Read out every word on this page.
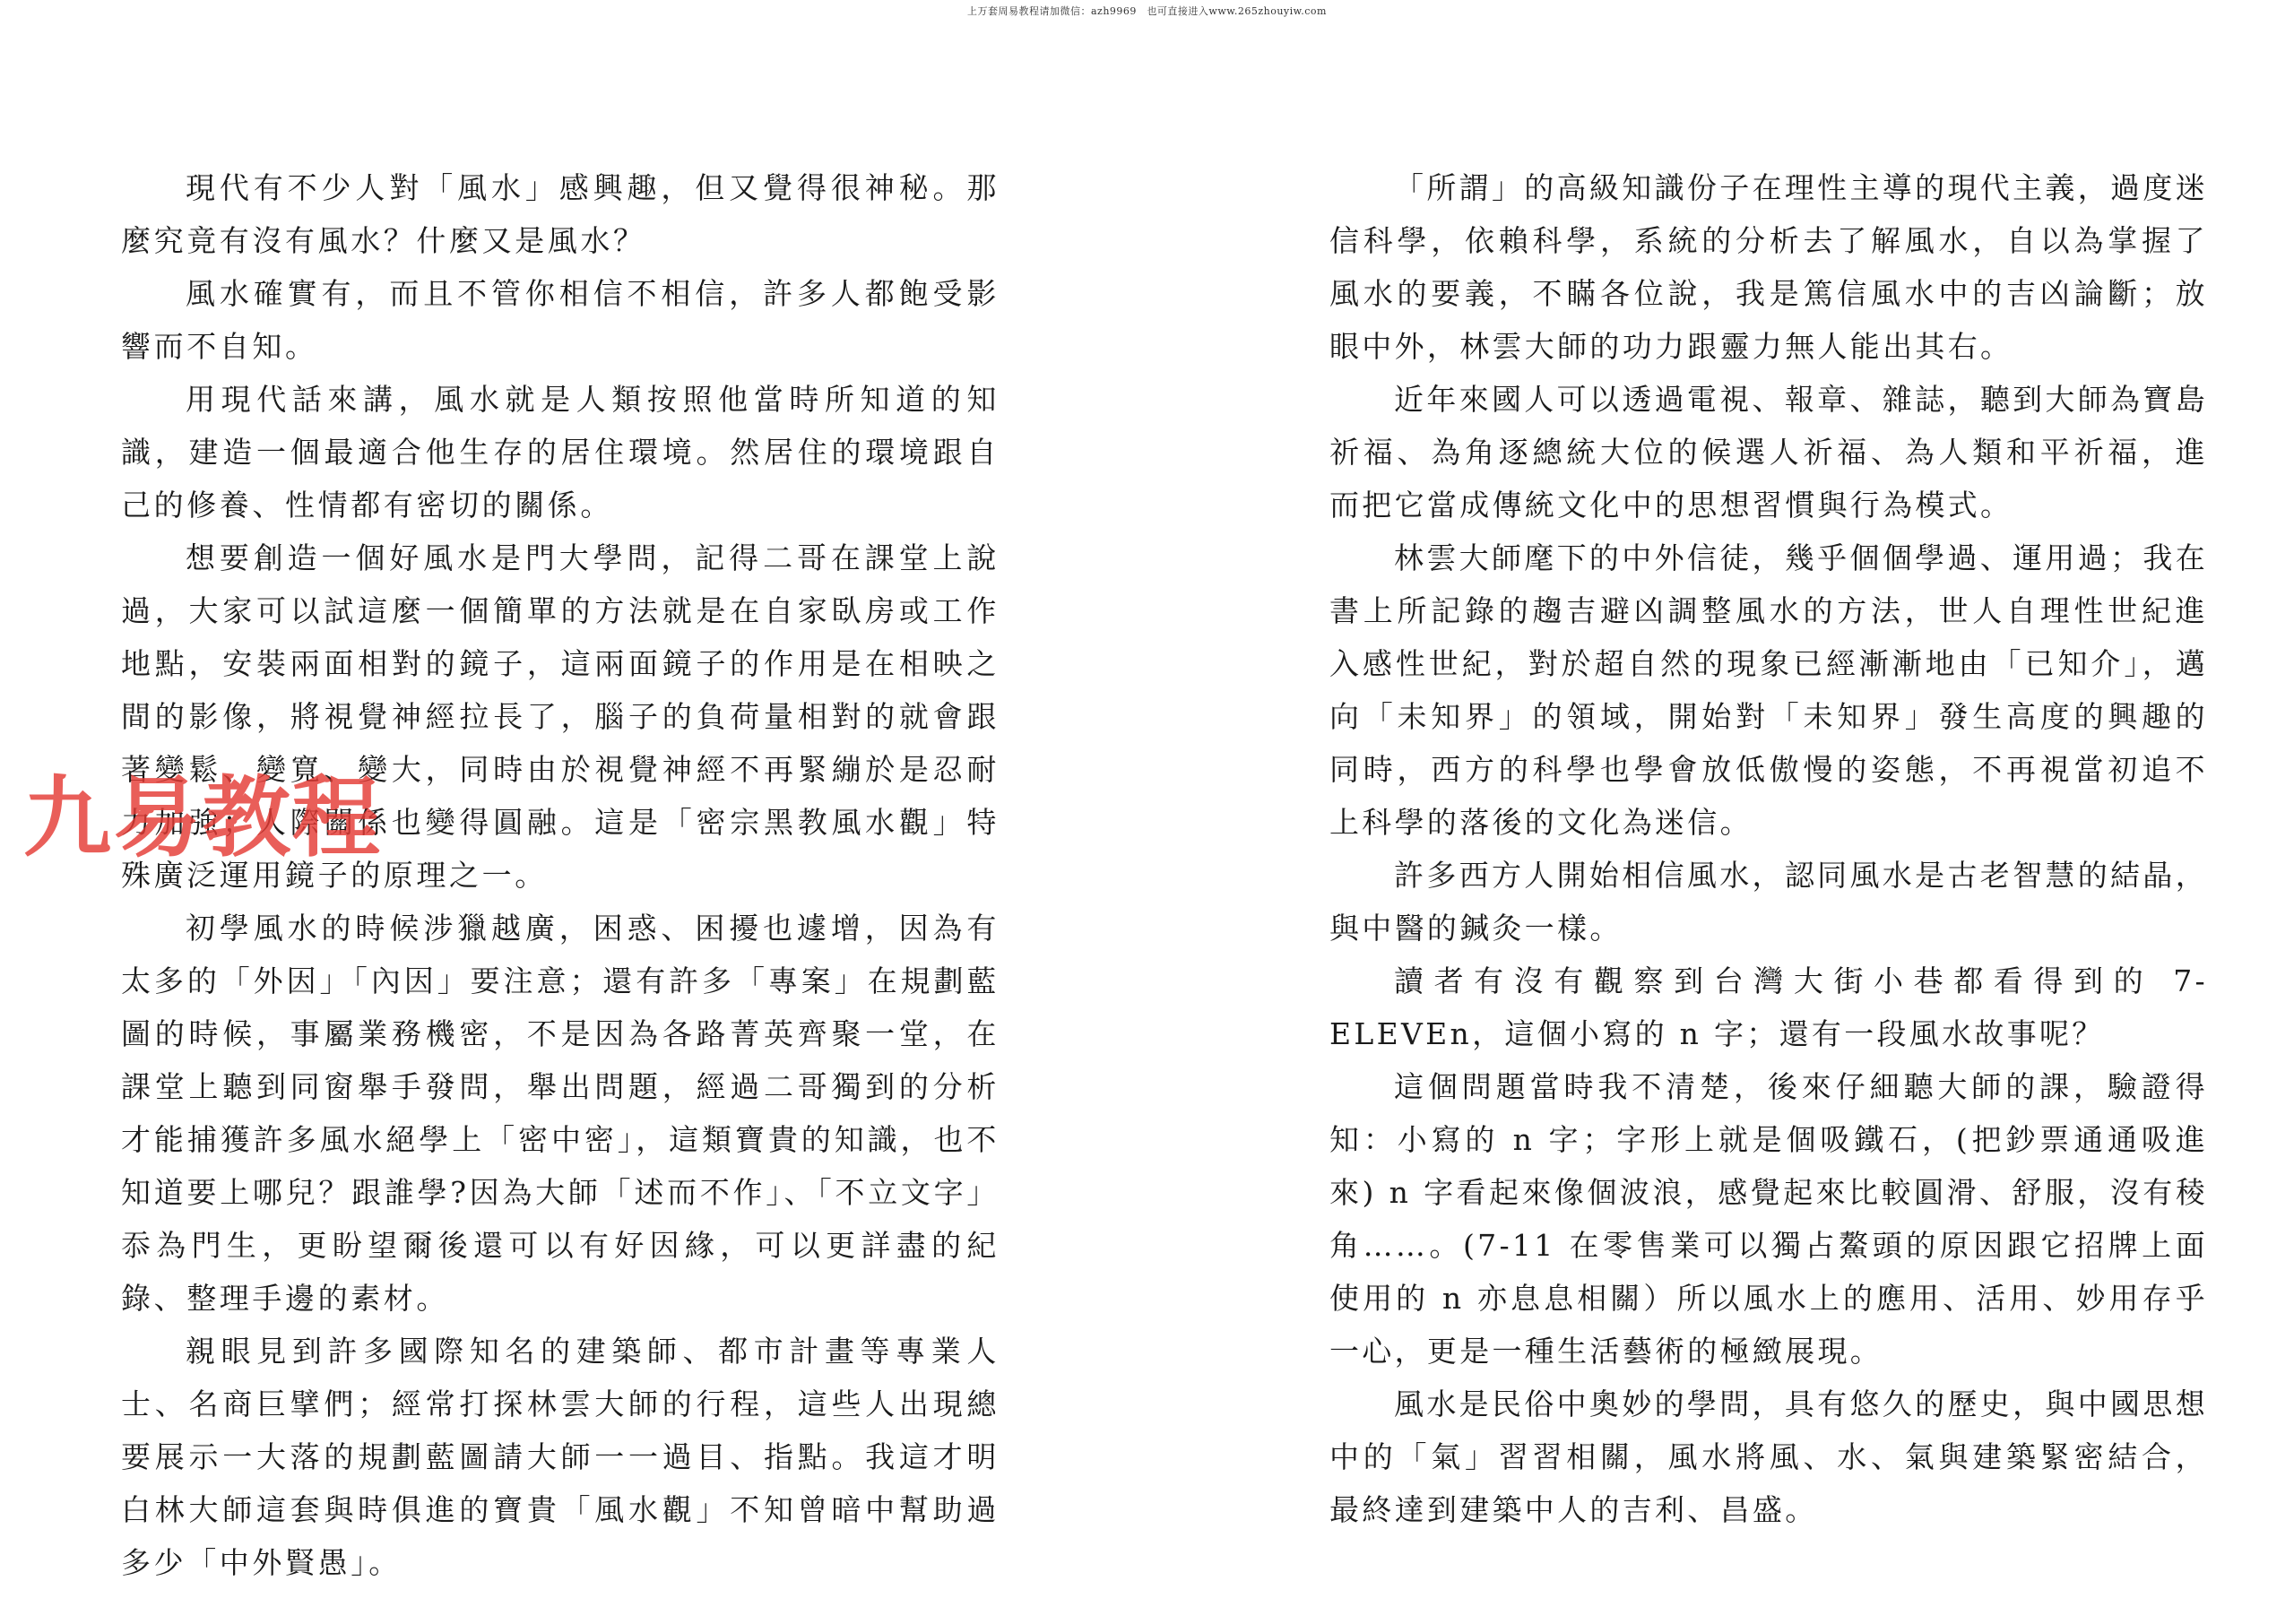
上万套周易教程请加微信：azh9969　也可直接进入www.265zhouyiw.com

現代有不少人對「風水」感興趣，但又覺得很神秘。那麼究竟有沒有風水？什麼又是風水？

風水確實有，而且不管你相信不相信，許多人都飽受影響而不自知。

用現代話來講，風水就是人類按照他當時所知道的知識，建造一個最適合他生存的居住環境。然居住的環境跟自己的修養、性情都有密切的關係。

想要創造一個好風水是門大學問，記得二哥在課堂上說過，大家可以試這麼一個簡單的方法就是在自家臥房或工作地點，安裝兩面相對的鏡子，這兩面鏡子的作用是在相映之間的影像，將視覺神經拉長了，腦子的負荷量相對的就會跟著變鬆、變寬、變大，同時由於視覺神經不再緊繃於是忍耐力加強；人際關係也變得圓融。這是「密宗黑教風水觀」特殊廣泛運用鏡子的原理之一。

初學風水的時候涉獵越廣，困惑、困擾也遽增，因為有太多的「外因」「內因」要注意；還有許多「專案」在規劃藍圖的時候，事屬業務機密，不是因為各路菁英齊聚一堂，在課堂上聽到同窗舉手發問，舉出問題，經過二哥獨到的分析才能捕獲許多風水絕學上「密中密」，這類寶貴的知識，也不知道要上哪兒？跟誰學?因為大師「述而不作」、「不立文字」忝為門生，更盼望爾後還可以有好因緣，可以更詳盡的紀錄、整理手邊的素材。

親眼見到許多國際知名的建築師、都市計畫等專業人士、名商巨擘們；經常打探林雲大師的行程，這些人出現總要展示一大落的規劃藍圖請大師一一過目、指點。我這才明白林大師這套與時俱進的寶貴「風水觀」不知曾暗中幫助過多少「中外賢愚」。

「所謂」的高級知識份子在理性主導的現代主義，過度迷信科學，依賴科學，系統的分析去了解風水，自以為掌握了風水的要義，不瞞各位說，我是篤信風水中的吉凶論斷；放眼中外，林雲大師的功力跟靈力無人能出其右。

近年來國人可以透過電視、報章、雜誌，聽到大師為寶島祈福、為角逐總統大位的候選人祈福、為人類和平祈福，進而把它當成傳統文化中的思想習慣與行為模式。

林雲大師麾下的中外信徒，幾乎個個學過、運用過；我在書上所記錄的趨吉避凶調整風水的方法，世人自理性世紀進入感性世紀，對於超自然的現象已經漸漸地由「已知介」，邁向「未知界」的領域，開始對「未知界」發生高度的興趣的同時，西方的科學也學會放低傲慢的姿態，不再視當初追不上科學的落後的文化為迷信。

許多西方人開始相信風水，認同風水是古老智慧的結晶，與中醫的鍼灸一樣。

讀者有沒有觀察到台灣大街小巷都看得到的 7-ELEVEn，這個小寫的 n 字；還有一段風水故事呢？

這個問題當時我不清楚，後來仔細聽大師的課，驗證得知：小寫的 n 字；字形上就是個吸鐵石，(把鈔票通通吸進來) n 字看起來像個波浪，感覺起來比較圓滑、舒服，沒有稜角……。(7-11 在零售業可以獨占鰲頭的原因跟它招牌上面使用的 n 亦息息相關）所以風水上的應用、活用、妙用存乎一心，更是一種生活藝術的極緻展現。

風水是民俗中奧妙的學問，具有悠久的歷史，與中國思想中的「氣」習習相關，風水將風、水、氣與建築緊密結合，最終達到建築中人的吉利、昌盛。

九易教程
